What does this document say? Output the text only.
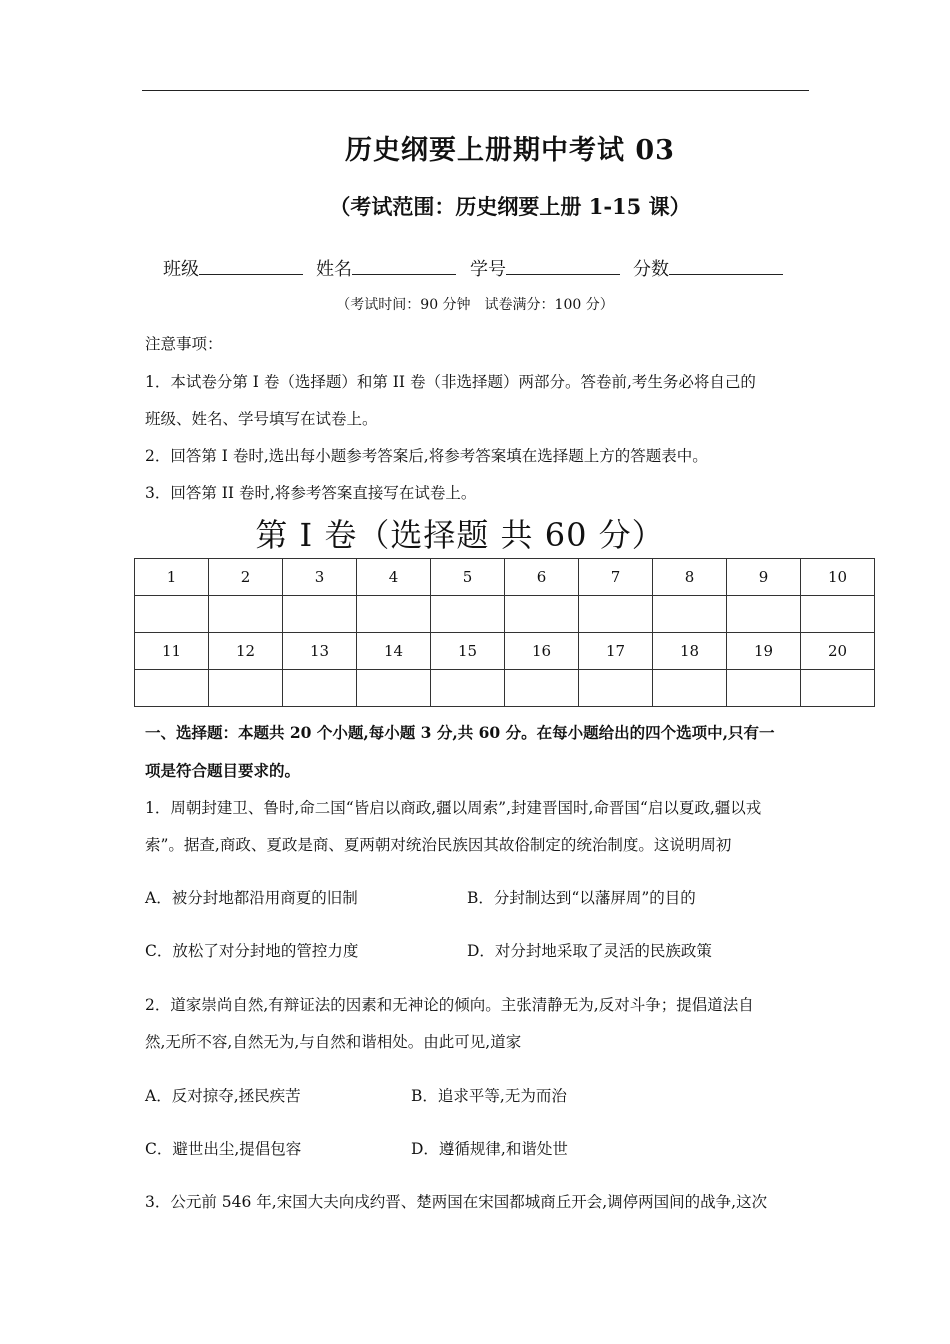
历史纲要上册期中考试 03
（考试范围：历史纲要上册 1-15 课）
班级	姓名	学号	分数
（考试时间：90 分钟　试卷满分：100 分）
注意事项：
1．本试卷分第 I 卷（选择题）和第 II 卷（非选择题）两部分。答卷前,考生务必将自己的
班级、姓名、学号填写在试卷上。
2．回答第 I 卷时,选出每小题参考答案后,将参考答案填在选择题上方的答题表中。
3．回答第 II 卷时,将参考答案直接写在试卷上。
第 I 卷（选择题 共 60 分）
1	2	3	4	5	6	7	8	9	10

11	12	13	14	15	16	17	18	19	20

一、选择题：本题共 20 个小题,每小题 3 分,共 60 分。在每小题给出的四个选项中,只有一
项是符合题目要求的。
1．周朝封建卫、鲁时,命二国“皆启以商政,疆以周索”,封建晋国时,命晋国“启以夏政,疆以戎
索”。据查,商政、夏政是商、夏两朝对统治民族因其故俗制定的统治制度。这说明周初
A．被分封地都沿用商夏的旧制	B．分封制达到“以藩屏周”的目的
C．放松了对分封地的管控力度	D．对分封地采取了灵活的民族政策
2．道家崇尚自然,有辩证法的因素和无神论的倾向。主张清静无为,反对斗争；提倡道法自
然,无所不容,自然无为,与自然和谐相处。由此可见,道家
A．反对掠夺,拯民疾苦	B．追求平等,无为而治
C．避世出尘,提倡包容	D．遵循规律,和谐处世
3．公元前 546 年,宋国大夫向戌约晋、楚两国在宋国都城商丘开会,调停两国间的战争,这次
